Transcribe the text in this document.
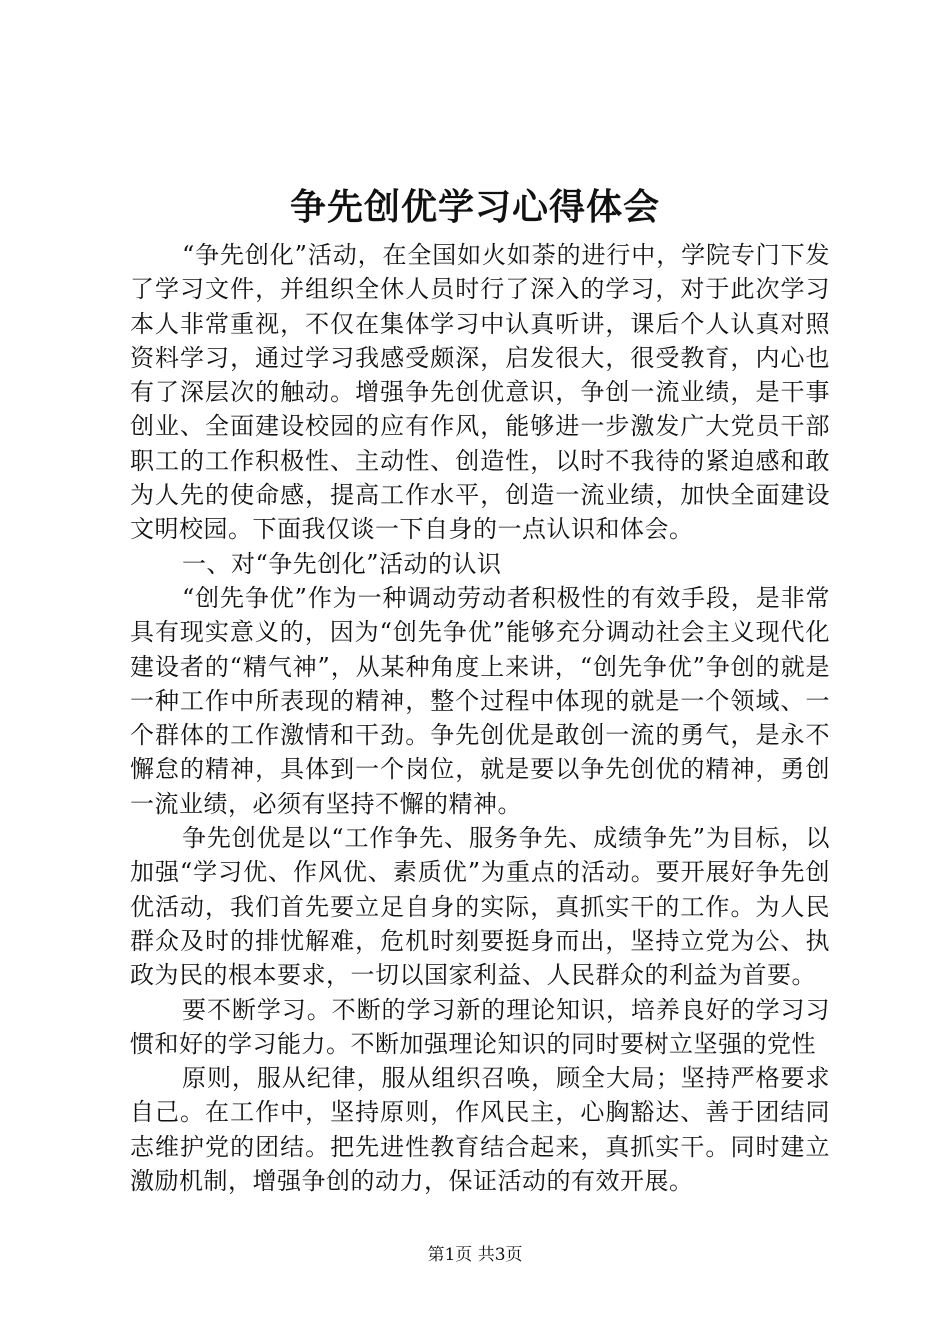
争先创优学习心得体会

“争先创化”活动，在全国如火如荼的进行中，学院专门下发了学习文件，并组织全休人员时行了深入的学习，对于此次学习本人非常重视，不仅在集体学习中认真听讲，课后个人认真对照资料学习，通过学习我感受颇深，启发很大，很受教育，内心也有了深层次的触动。增强争先创优意识，争创一流业绩，是干事创业、全面建设校园的应有作风，能够进一步激发广大党员干部职工的工作积极性、主动性、创造性，以时不我待的紧迫感和敢为人先的使命感，提高工作水平，创造一流业绩，加快全面建设文明校园。下面我仅谈一下自身的一点认识和体会。

一、对“争先创化”活动的认识

“创先争优”作为一种调动劳动者积极性的有效手段，是非常具有现实意义的，因为“创先争优”能够充分调动社会主义现代化建设者的“精气神”，从某种角度上来讲，“创先争优”争创的就是一种工作中所表现的精神，整个过程中体现的就是一个领域、一个群体的工作激情和干劲。争先创优是敢创一流的勇气，是永不懈怠的精神，具体到一个岗位，就是要以争先创优的精神，勇创一流业绩，必须有坚持不懈的精神。

争先创优是以“工作争先、服务争先、成绩争先”为目标，以加强“学习优、作风优、素质优”为重点的活动。要开展好争先创优活动，我们首先要立足自身的实际，真抓实干的工作。为人民群众及时的排忧解难，危机时刻要挺身而出，坚持立党为公、执政为民的根本要求，一切以国家利益、人民群众的利益为首要。

要不断学习。不断的学习新的理论知识，培养良好的学习习惯和好的学习能力。不断加强理论知识的同时要树立坚强的党性

原则，服从纪律，服从组织召唤，顾全大局；坚持严格要求自己。在工作中，坚持原则，作风民主，心胸豁达、善于团结同志维护党的团结。把先进性教育结合起来，真抓实干。同时建立激励机制，增强争创的动力，保证活动的有效开展。

第1页 共3页
